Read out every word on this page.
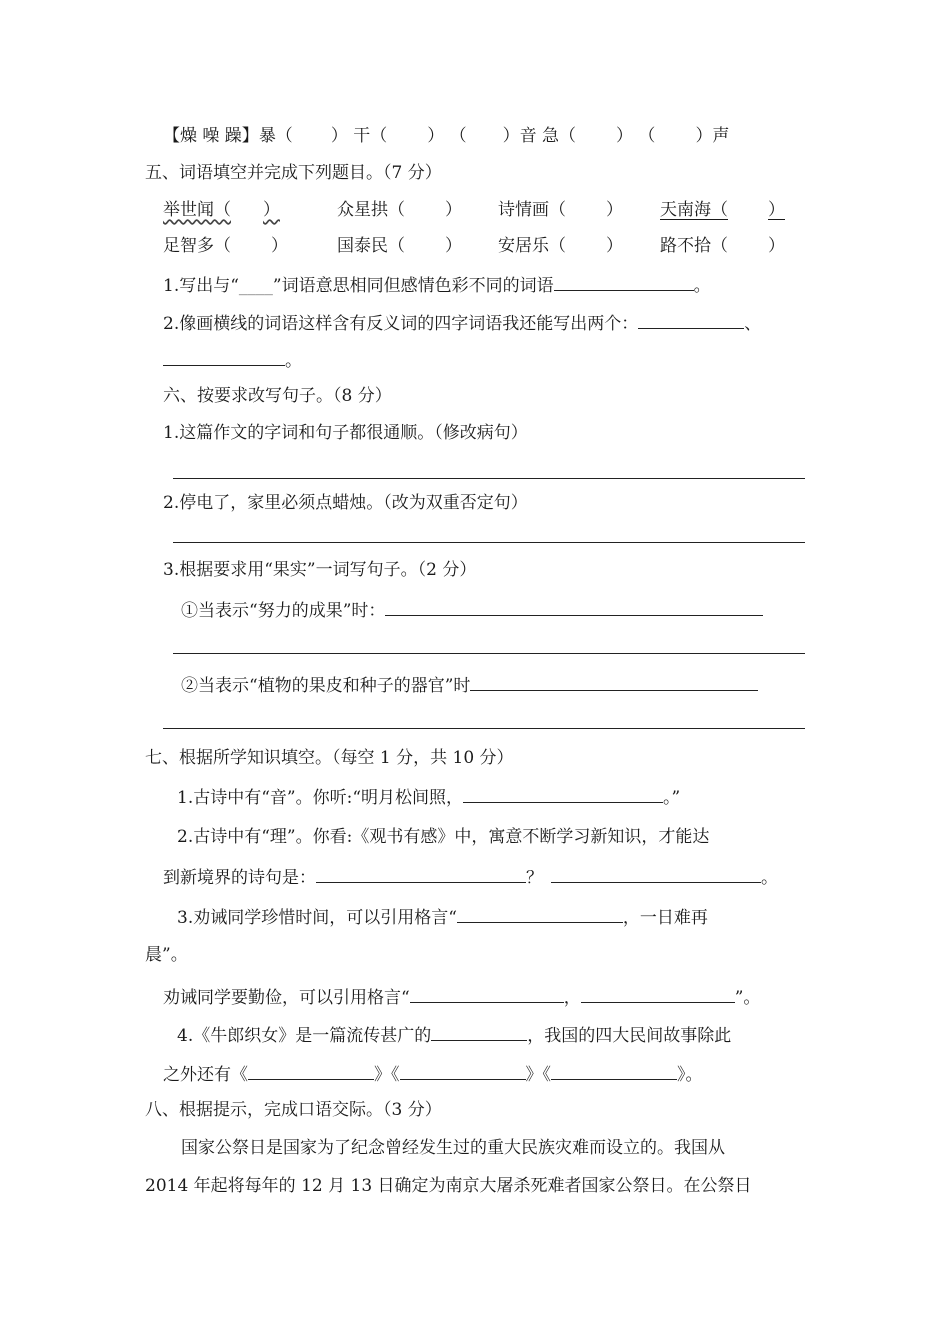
【燥 噪 躁】暴（ ） 干（ ） （ ）音 急（ ） （ ）声
五、词语填空并完成下列题目。（7 分）
举世闻（ ）	众星拱（ ） 诗情画（ ） 天南海（ ）
足智多（ ）	国泰民（ ） 安居乐（ ） 路不拾（ ）
1.写出与“____”词语意思相同但感情色彩不同的词语	。
2.像画横线的词语这样含有反义词的四字词语我还能写出两个：	、
。
六、按要求改写句子。（8 分）
1.这篇作文的字词和句子都很通顺。（修改病句）
2.停电了，家里必须点蜡烛。（改为双重否定句）
3.根据要求用“果实”一词写句子。（2 分）
①当表示“努力的成果”时：
②当表示“植物的果皮和种子的器官”时
七、根据所学知识填空。（每空 1 分，共 10 分）
1.古诗中有“音”。你听:“明月松间照，	。”
2.古诗中有“理”。你看:《观书有感》中，寓意不断学习新知识，才能达
到新境界的诗句是：	？	。
3.劝诫同学珍惜时间，可以引用格言“	，一日难再
晨”。
劝诫同学要勤俭，可以引用格言“	，	”。
4.《牛郎织女》是一篇流传甚广的	，我国的四大民间故事除此
之外还有《	》《	》《	》。
八、根据提示，完成口语交际。（3 分）
国家公祭日是国家为了纪念曾经发生过的重大民族灾难而设立的。我国从
2014 年起将每年的 12 月 13 日确定为南京大屠杀死难者国家公祭日。在公祭日
